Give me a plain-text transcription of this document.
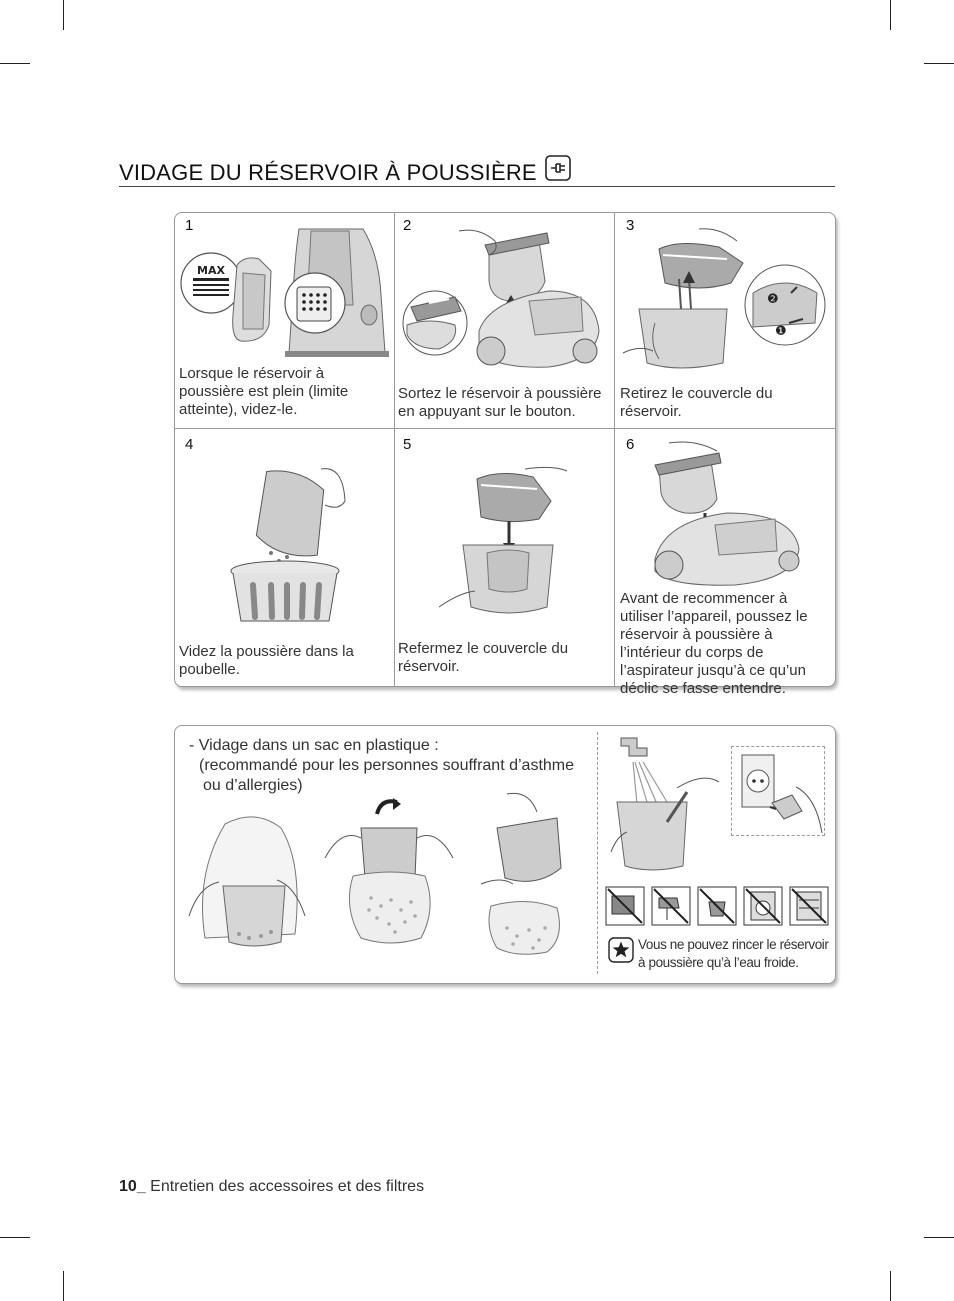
VIDAGE DU RÉSERVOIR À POUSSIÈRE
1
MAX
Lorsque le réservoir à poussière est plein (limite atteinte), videz-le.
2
Sortez le réservoir à poussière en appuyant sur le bouton.
3
❷
❶
Retirez le couvercle du réservoir.
4
Videz la poussière dans la poubelle.
5
Refermez le couvercle du réservoir.
6
Avant de recommencer à utiliser l’appareil, poussez le réservoir à poussière à l’intérieur du corps de l’aspirateur jusqu’à ce qu’un déclic se fasse entendre.
- Vidage dans un sac en plastique :
(recommandé pour les personnes souffrant d’asthme
ou d’allergies)
Vous ne pouvez rincer le réservoir
à poussière qu’à l’eau froide.
10_ Entretien des accessoires et des filtres
